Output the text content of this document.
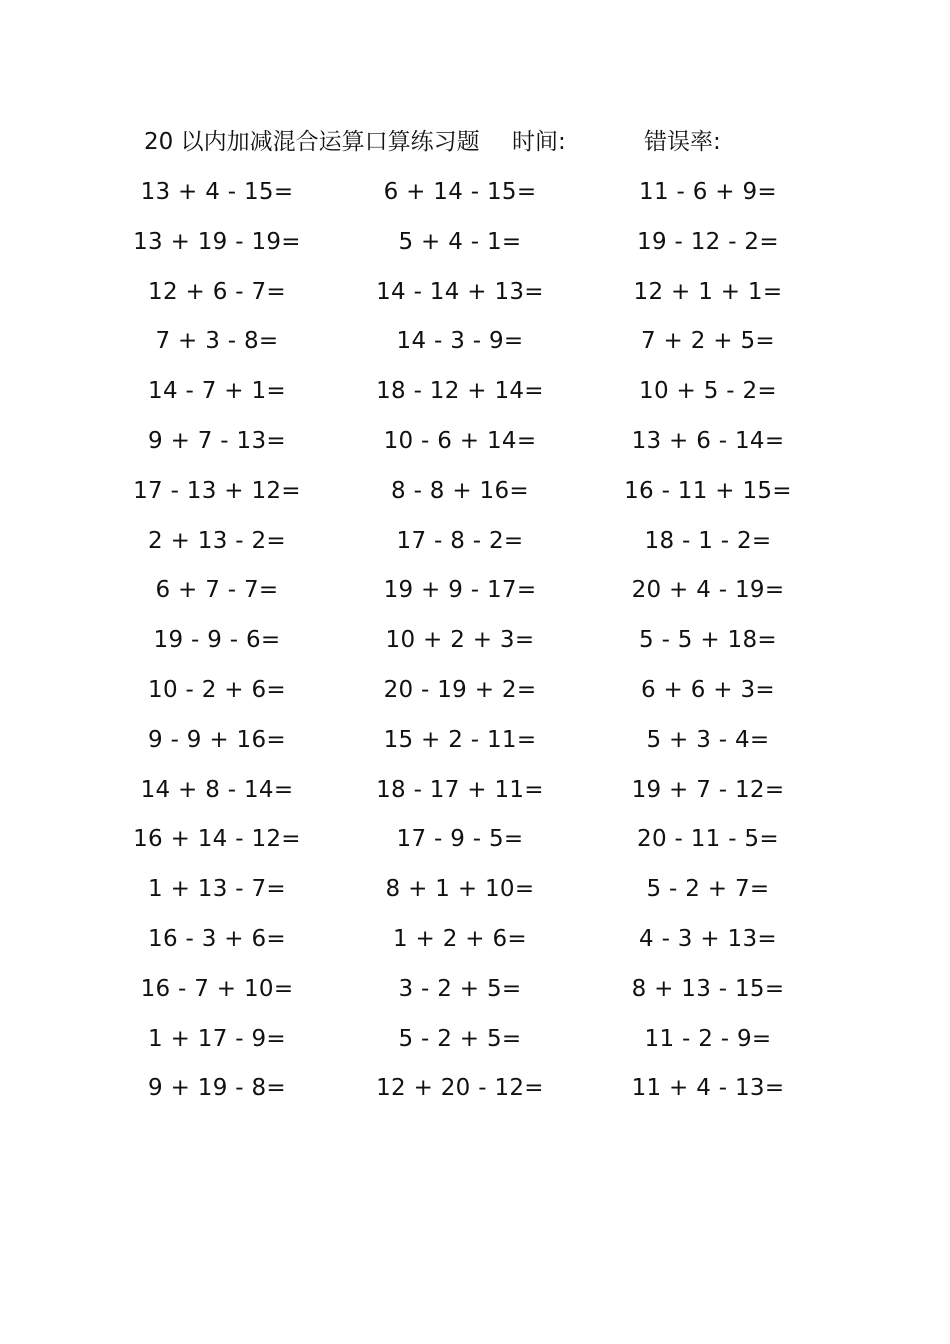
20 以内加减混合运算口算练习题 时间:	错误率:
13 + 4 - 15=	6 + 14 - 15=	11 - 6 + 9=
13 + 19 - 19=	5 + 4 - 1=	19 - 12 - 2=
12 + 6 - 7=	14 - 14 + 13=	12 + 1 + 1=
7 + 3 - 8=	14 - 3 - 9=	7 + 2 + 5=
14 - 7 + 1=	18 - 12 + 14=	10 + 5 - 2=
9 + 7 - 13=	10 - 6 + 14=	13 + 6 - 14=
17 - 13 + 12=	8 - 8 + 16=	16 - 11 + 15=
2 + 13 - 2=	17 - 8 - 2=	18 - 1 - 2=
6 + 7 - 7=	19 + 9 - 17=	20 + 4 - 19=
19 - 9 - 6=	10 + 2 + 3=	5 - 5 + 18=
10 - 2 + 6=	20 - 19 + 2=	6 + 6 + 3=
9 - 9 + 16=	15 + 2 - 11=	5 + 3 - 4=
14 + 8 - 14=	18 - 17 + 11=	19 + 7 - 12=
16 + 14 - 12=	17 - 9 - 5=	20 - 11 - 5=
1 + 13 - 7=	8 + 1 + 10=	5 - 2 + 7=
16 - 3 + 6=	1 + 2 + 6=	4 - 3 + 13=
16 - 7 + 10=	3 - 2 + 5=	8 + 13 - 15=
1 + 17 - 9=	5 - 2 + 5=	11 - 2 - 9=
9 + 19 - 8=	12 + 20 - 12=	11 + 4 - 13=
